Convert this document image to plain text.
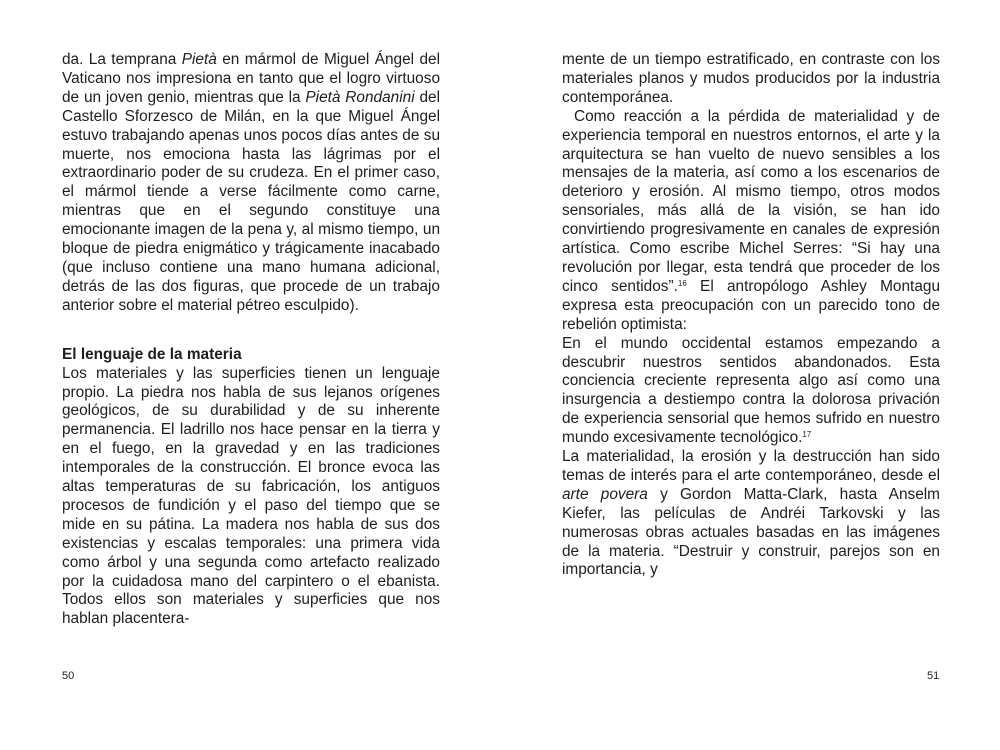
da. La temprana Pietà en mármol de Miguel Ángel del Vaticano nos impresiona en tanto que el logro virtuoso de un joven genio, mientras que la Pietà Rondanini del Castello Sforzesco de Milán, en la que Miguel Ángel estuvo trabajando apenas unos pocos días antes de su muerte, nos emociona hasta las lágrimas por el extraordinario poder de su crudeza. En el primer caso, el mármol tiende a verse fácilmente como carne, mientras que en el segundo constituye una emocionante imagen de la pena y, al mismo tiempo, un bloque de piedra enigmático y trágicamente inacabado (que incluso contiene una mano humana adicional, detrás de las dos figuras, que procede de un trabajo anterior sobre el material pétreo esculpido).

El lenguaje de la materia

Los materiales y las superficies tienen un lenguaje propio. La piedra nos habla de sus lejanos orígenes geológicos, de su durabilidad y de su inherente permanencia. El ladrillo nos hace pensar en la tierra y en el fuego, en la gravedad y en las tradiciones intemporales de la construcción. El bronce evoca las altas temperaturas de su fabricación, los antiguos procesos de fundición y el paso del tiempo que se mide en su pátina. La madera nos habla de sus dos existencias y escalas temporales: una primera vida como árbol y una segunda como artefacto realizado por la cuidadosa mano del carpintero o el ebanista. Todos ellos son materiales y superficies que nos hablan placentera-

50

mente de un tiempo estratificado, en contraste con los materiales planos y mudos producidos por la industria contemporánea.

Como reacción a la pérdida de materialidad y de experiencia temporal en nuestros entornos, el arte y la arquitectura se han vuelto de nuevo sensibles a los mensajes de la materia, así como a los escenarios de deterioro y erosión. Al mismo tiempo, otros modos sensoriales, más allá de la visión, se han ido convirtiendo progresivamente en canales de expresión artística. Como escribe Michel Serres: “Si hay una revolución por llegar, esta tendrá que proceder de los cinco sentidos”.$^{16}$ El antropólogo Ashley Montagu expresa esta preocupación con un parecido tono de rebelión optimista:

En el mundo occidental estamos empezando a descubrir nuestros sentidos abandonados. Esta conciencia creciente representa algo así como una insurgencia a destiempo contra la dolorosa privación de experiencia sensorial que hemos sufrido en nuestro mundo excesivamente tecnológico.$^{17}$

La materialidad, la erosión y la destrucción han sido temas de interés para el arte contemporáneo, desde el arte povera y Gordon Matta-Clark, hasta Anselm Kiefer, las películas de Andréi Tarkovski y las numerosas obras actuales basadas en las imágenes de la materia. “Destruir y construir, parejos son en importancia, y

51
